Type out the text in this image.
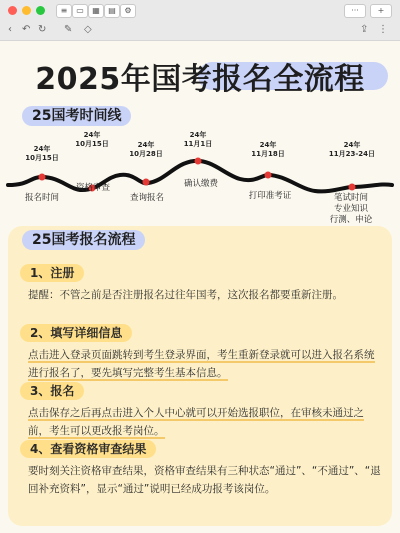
≡	▭	▦	▤	⚙	···	+
‹ ↶ ↻ ✎ ◇	⇪ ⋮
2025年国考报名全流程
25国考时间线
24年
10月15日
24年
10月15日	24年
10月28日
24年
11月1日	24年
11月18日
24年
11月23-24日
报名时间
资格审查
查询报名
确认缴费
打印准考证	笔试时间
专业知识
行测、申论
25国考报名流程
1、注册
提醒：不管之前是否注册报名过往年国考，这次报名都要重新注册。
2、填写详细信息
点击进入登录页面跳转到考生登录界面，考生重新登录就可以进入报名系统进行报名了，要先填写完整考生基本信息。
3、报名
点击保存之后再点击进入个人中心就可以开始选报职位，在审核未通过之前，考生可以更改报考岗位。
4、查看资格审查结果
要时刻关注资格审查结果，资格审查结果有三种状态“通过”、“不通过”、“退回补充资料”，显示“通过”说明已经成功报考该岗位。
